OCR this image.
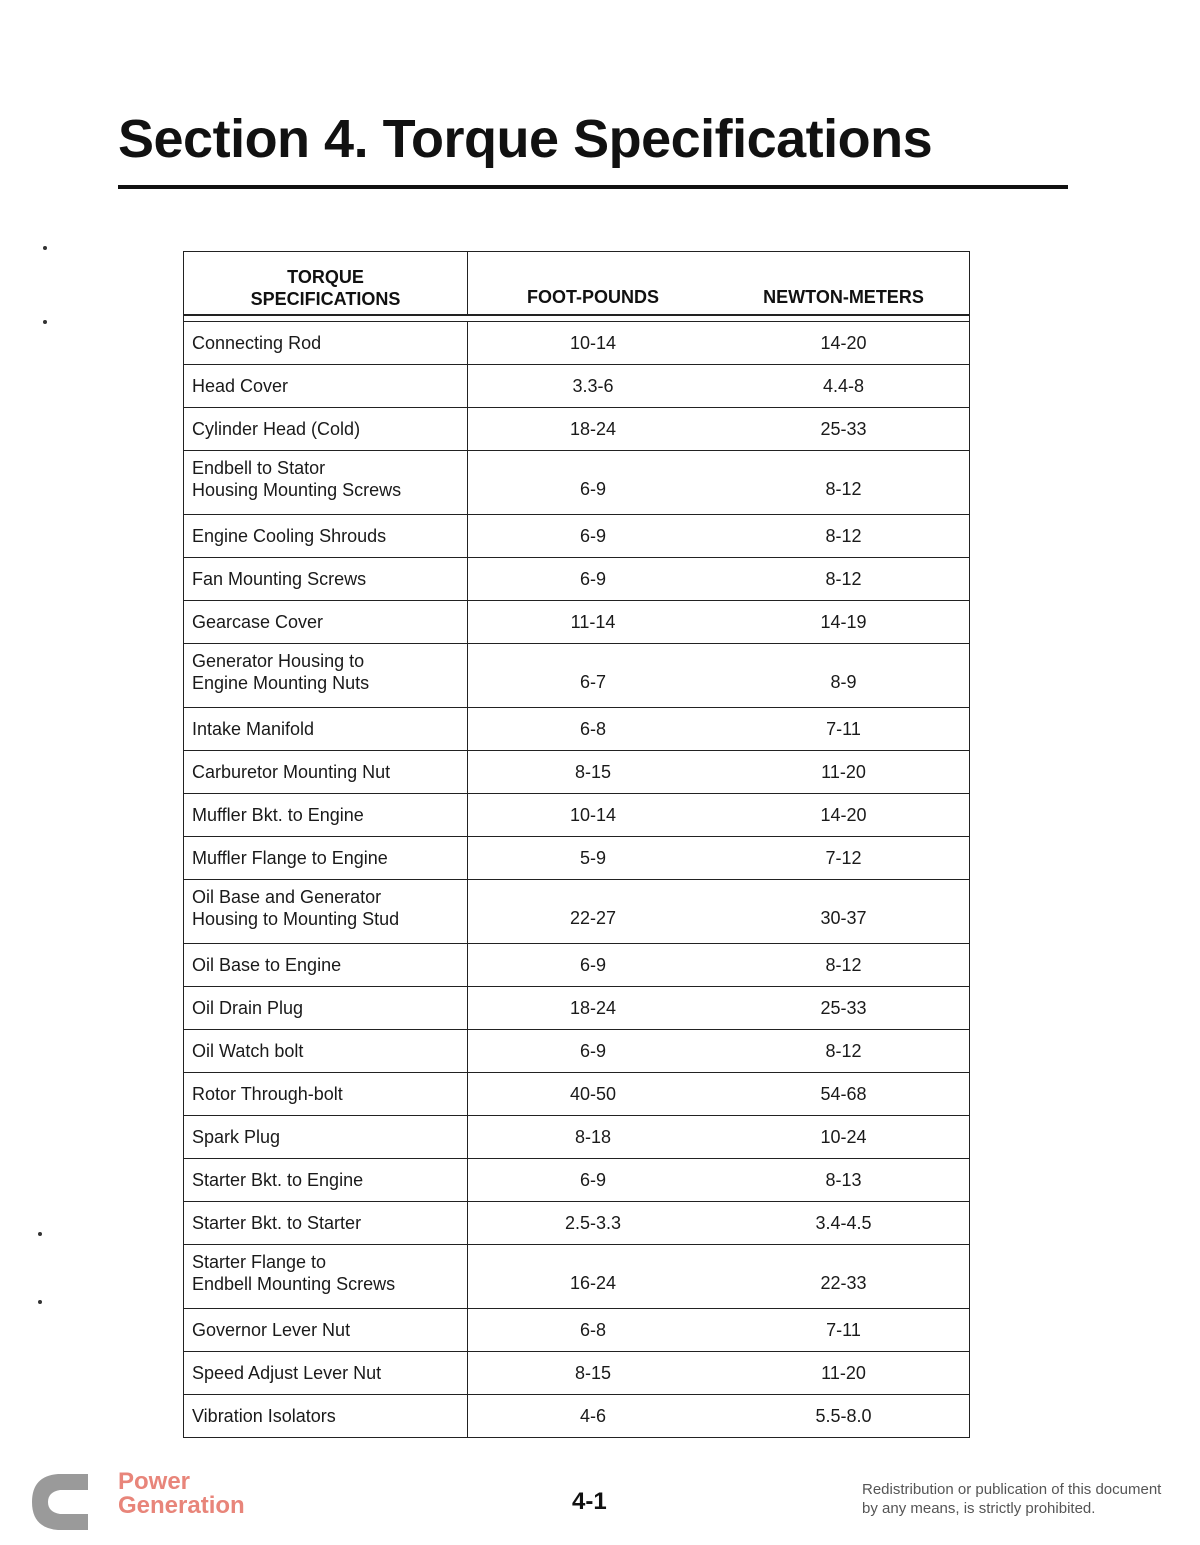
Section 4. Torque Specifications
TORQUE
SPECIFICATIONS	FOOT-POUNDS	NEWTON-METERS
Connecting Rod	10-14	14-20
Head Cover	3.3-6	4.4-8
Cylinder Head (Cold)	18-24	25-33
Endbell to Stator
Housing Mounting Screws	6-9	8-12
Engine Cooling Shrouds	6-9	8-12
Fan Mounting Screws	6-9	8-12
Gearcase Cover	11-14	14-19
Generator Housing to
Engine Mounting Nuts	6-7	8-9
Intake Manifold	6-8	7-11
Carburetor Mounting Nut	8-15	11-20
Muffler Bkt. to Engine	10-14	14-20
Muffler Flange to Engine	5-9	7-12
Oil Base and Generator
Housing to Mounting Stud	22-27	30-37
Oil Base to Engine	6-9	8-12
Oil Drain Plug	18-24	25-33
Oil Watch bolt	6-9	8-12
Rotor Through-bolt	40-50	54-68
Spark Plug	8-18	10-24
Starter Bkt. to Engine	6-9	8-13
Starter Bkt. to Starter	2.5-3.3	3.4-4.5
Starter Flange to
Endbell Mounting Screws	16-24	22-33
Governor Lever Nut	6-8	7-11
Speed Adjust Lever Nut	8-15	11-20
Vibration Isolators	4-6	5.5-8.0
Power
Generation	4-1	Redistribution or publication of this document
by any means, is strictly prohibited.
